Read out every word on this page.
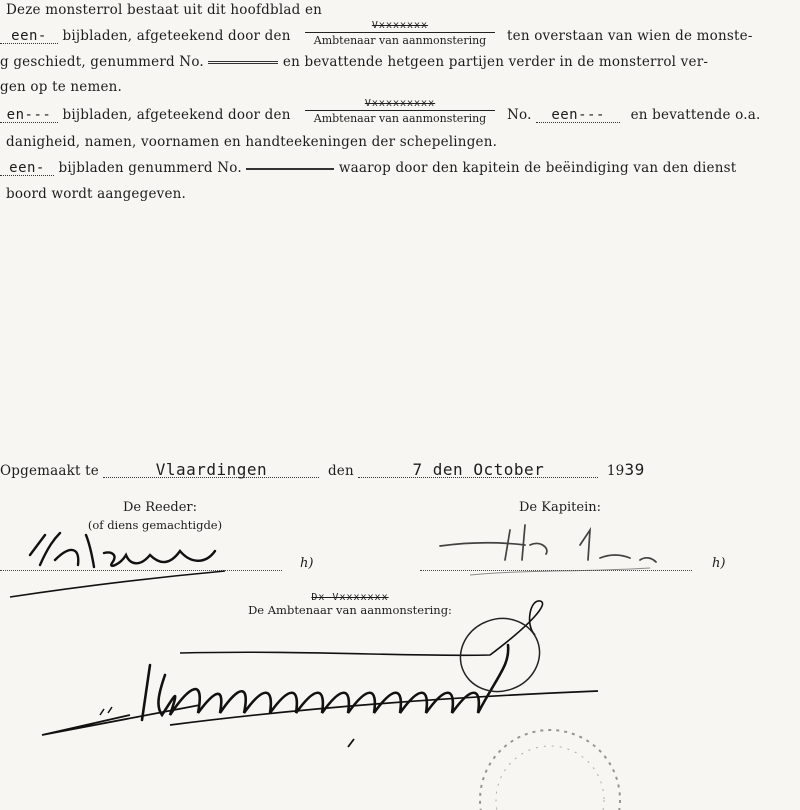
Deze monsterrol bestaat uit dit hoofdblad en
een- bijbladen, afgeteekend door den
Vxxxxxxx
Ambtenaar van aanmonstering	ten overstaan van wien de monste-
g geschiedt, genummerd No.	en bevattende hetgeen partijen verder in de monsterrol ver-
gen op te nemen.
en--- bijbladen, afgeteekend door den
Vxxxxxxxxx
Ambtenaar van aanmonstering	No. een--- en bevattende o.a.
danigheid, namen, voornamen en handteekeningen der schepelingen.
een- bijbladen genummerd No.	waarop door den kapitein de beëindiging van den dienst
boord wordt aangegeven.
Opgemaakt te	Vlaardingen	den	7 den October	1939
De Reeder:
(of diens gemachtigde)
De Kapitein:
h)	h)
Dx Vxxxxxxx
De Ambtenaar van aanmonstering:
